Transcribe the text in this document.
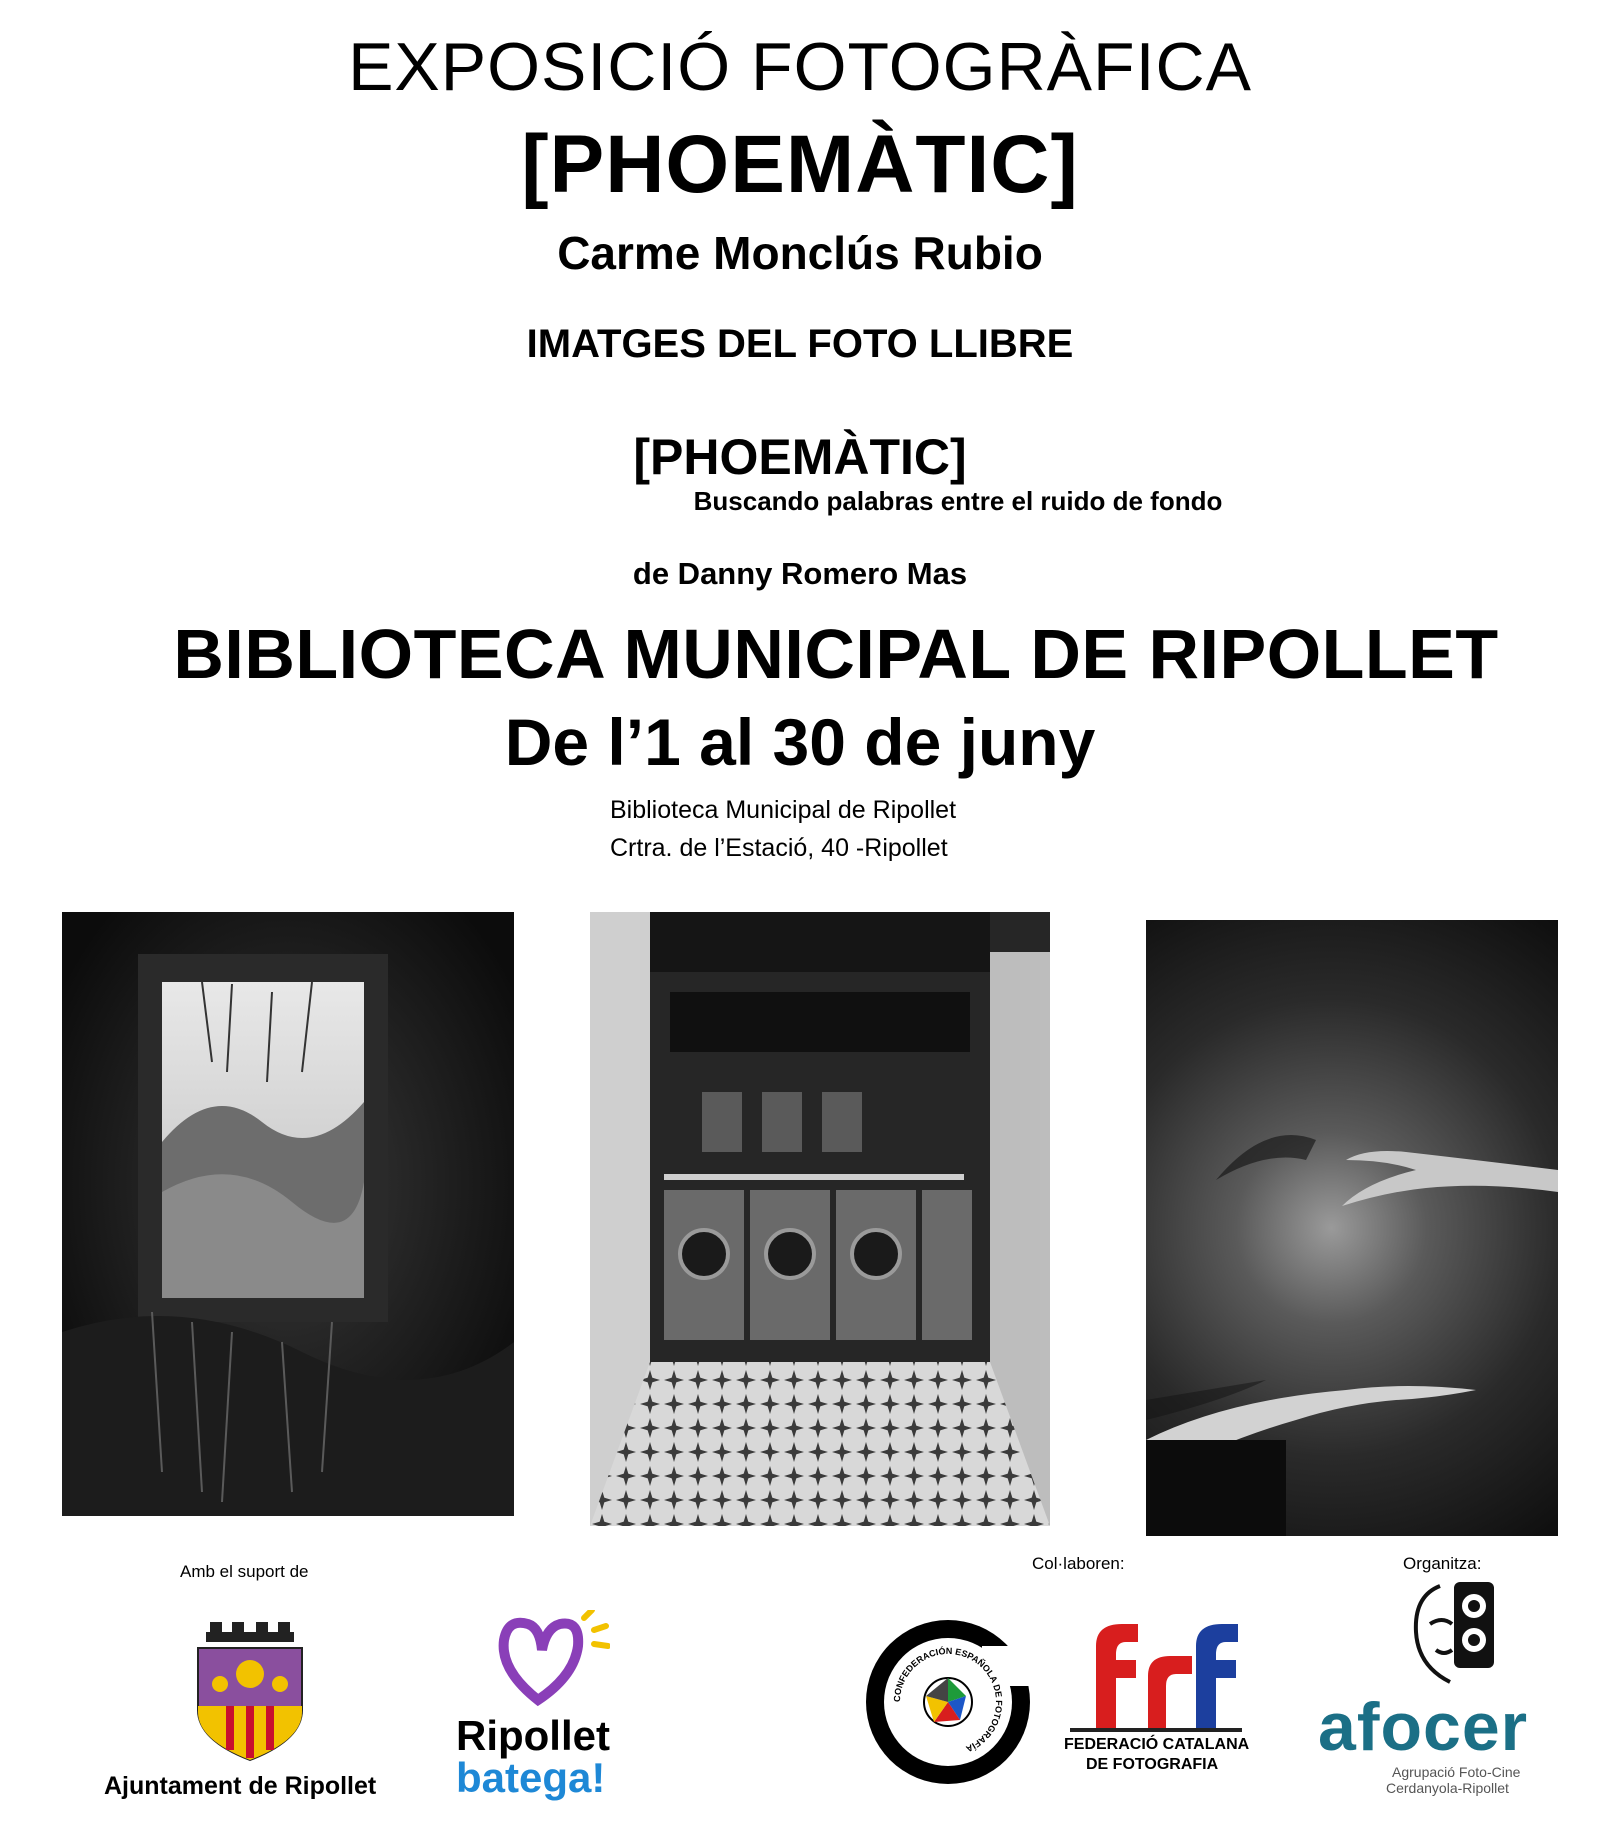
EXPOSICIÓ FOTOGRÀFICA
[PHOEMÀTIC]
Carme Monclús Rubio
IMATGES DEL FOTO LLIBRE
[PHOEMÀTIC]
Buscando palabras entre el ruido de fondo
de Danny Romero Mas
BIBLIOTECA MUNICIPAL DE RIPOLLET
De l’1 al 30 de juny
Biblioteca Municipal de Ripollet
Crtra. de l’Estació, 40 -Ripollet
Amb el suport de	Col·laboren:	Organitza:
Ajuntament de Ripollet
Ripollet
batega!
CONFEDERACIÓN ESPAÑOLA DE FOTOGRAFÍA	FEDERACIÓ CATALANA
DE FOTOGRAFIA afocer
Agrupació Foto-Cine
Cerdanyola-Ripollet
